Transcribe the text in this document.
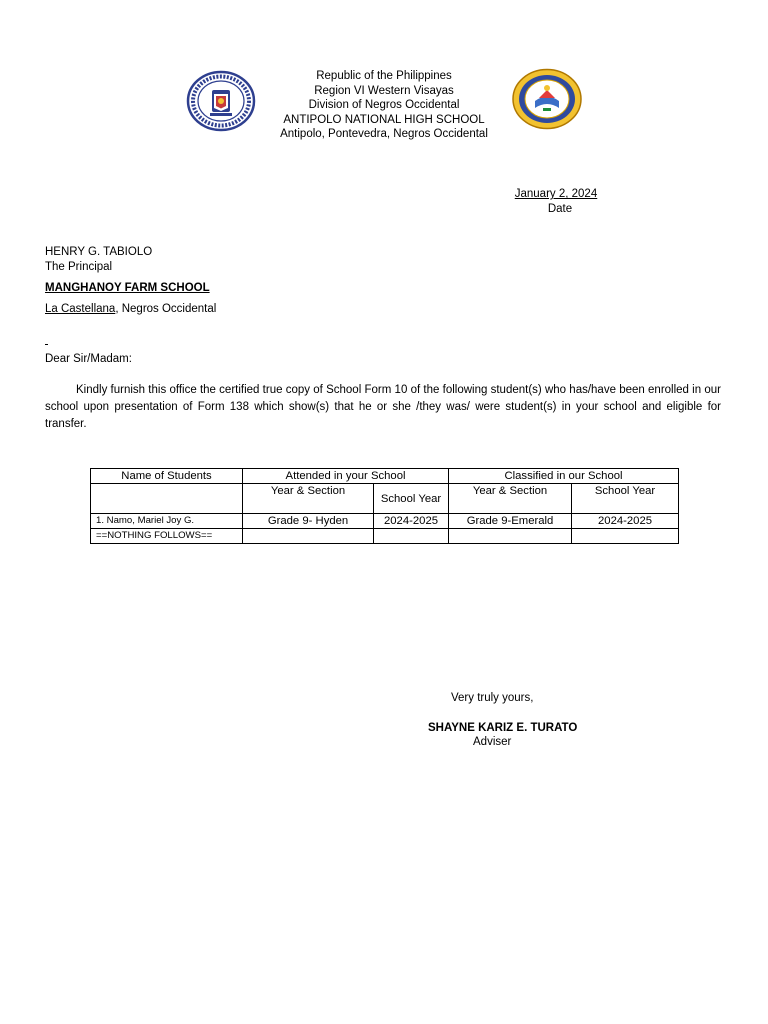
Republic of the Philippines
Region VI Western Visayas
Division of Negros Occidental
ANTIPOLO NATIONAL HIGH SCHOOL
Antipolo, Pontevedra, Negros Occidental
January 2, 2024
Date
HENRY G. TABIOLO
The Principal
MANGHANOY FARM SCHOOL
La Castellana, Negros Occidental
Dear Sir/Madam:
Kindly furnish this office the certified true copy of School Form 10 of the following student(s) who has/have been enrolled in our school upon presentation of Form 138 which show(s) that he or she /they was/ were student(s) in your school and eligible for transfer.
Name of Students	Attended in your School		Classified in our School	
	Year & Section	School Year	Year & Section	School Year
1. Namo, Mariel Joy G.	Grade 9- Hyden	2024-2025	Grade 9-Emerald	2024-2025
==NOTHING FOLLOWS==				
Very truly yours,
SHAYNE KARIZ E. TURATO
Adviser
